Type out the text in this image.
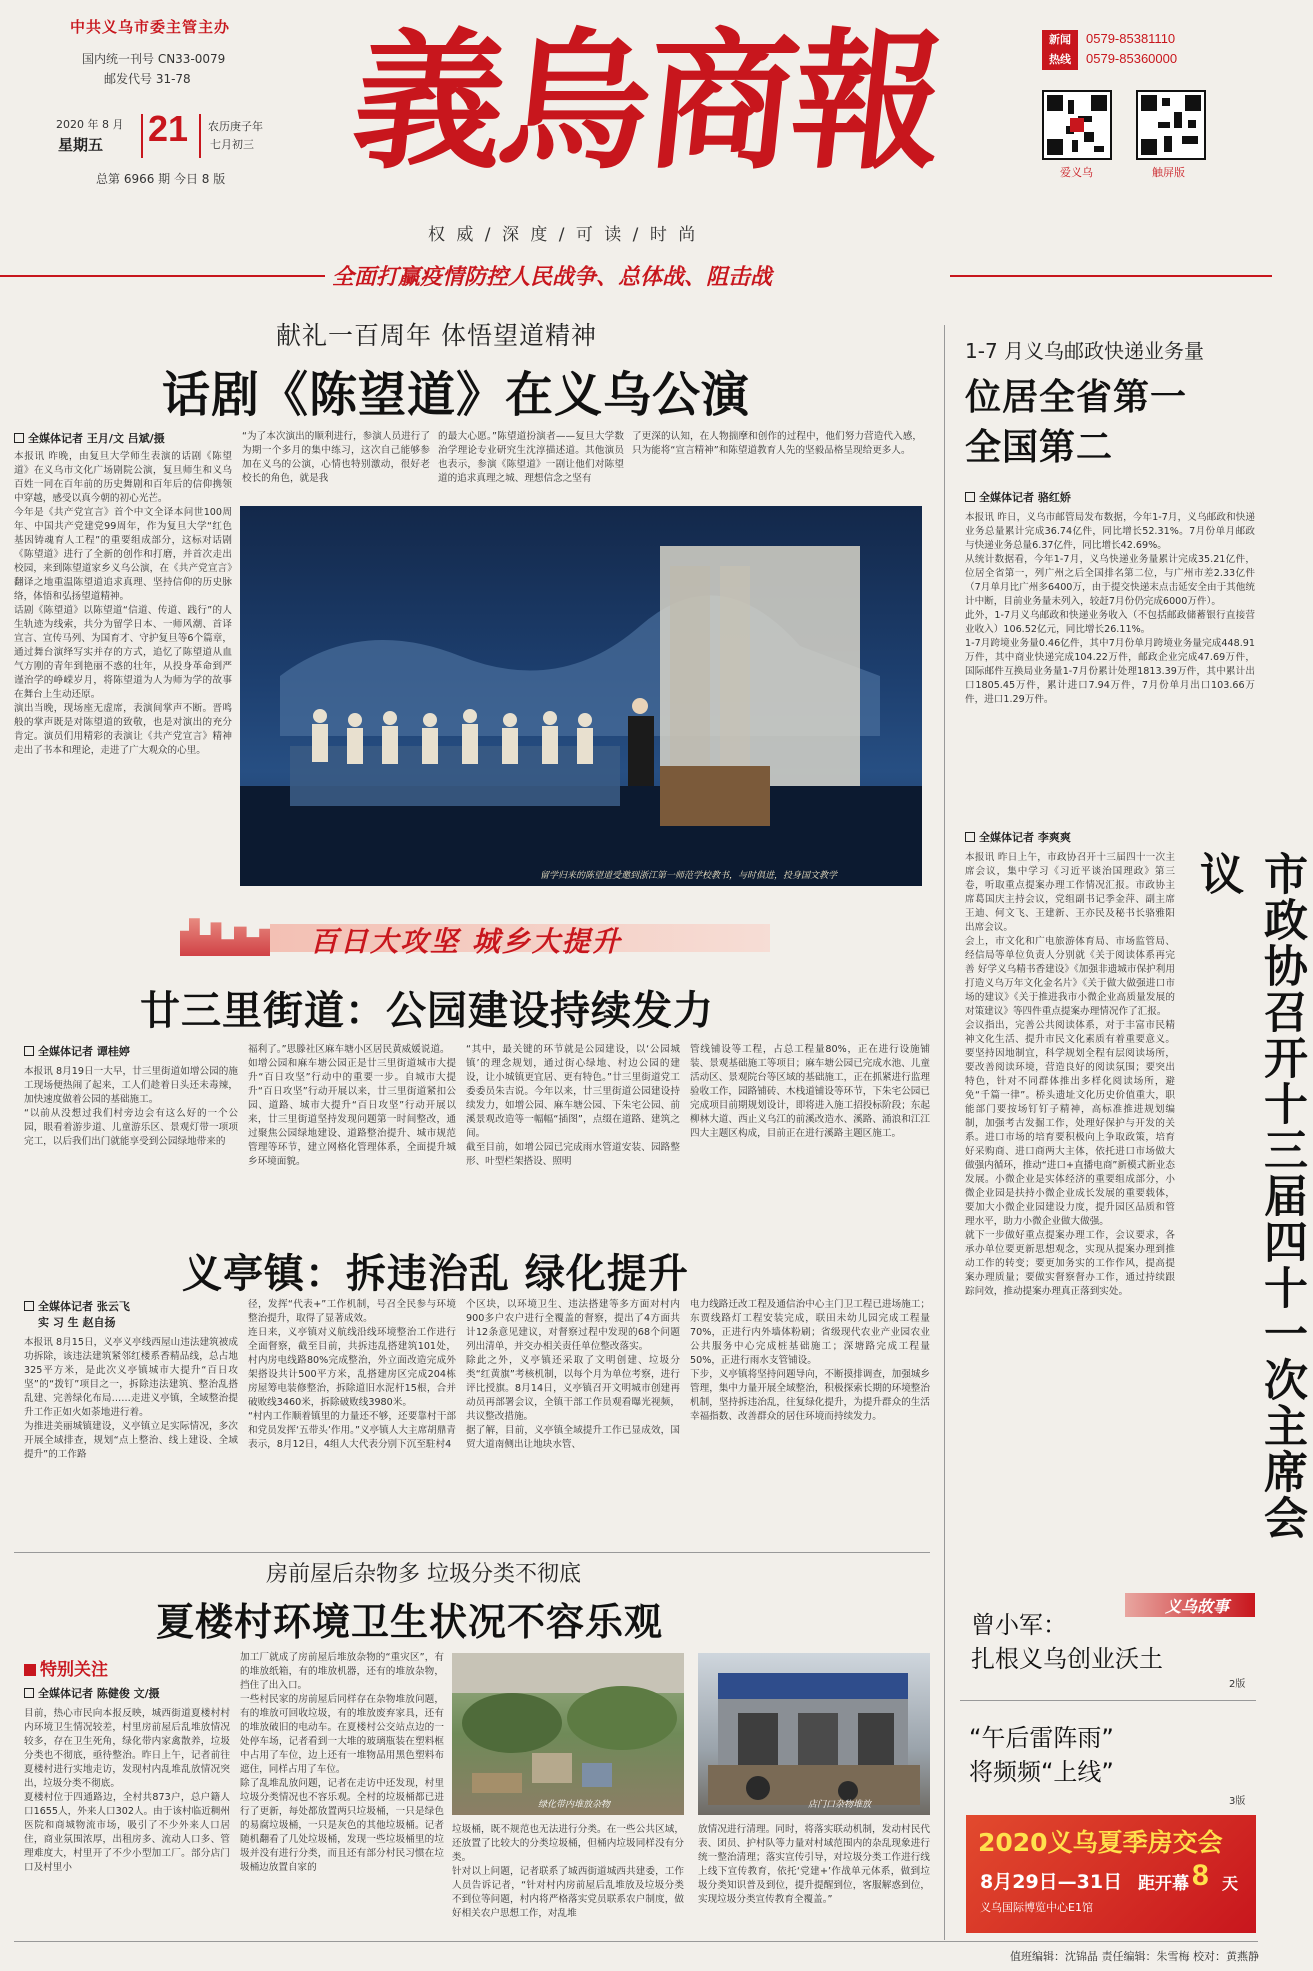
中共义乌市委主管主办
国内统一刊号 CN33-0079
邮发代号 31-78
2020 年 8 月
星期五 21 农历庚子年
七月初三
总第 6966 期 今日 8 版 義烏商報
权 威 / 深 度 / 可 读 / 时 尚
新闻
热线
0579-85381110
0579-85360000
爱义乌	触屏版
全面打赢疫情防控人民战争、总体战、阻击战
献礼一百周年 体悟望道精神
话剧《陈望道》在义乌公演
全媒体记者 王月/文 吕斌/摄
本报讯 昨晚，由复旦大学师生表演的话剧《陈望道》在义乌市文化广场剧院公演，复旦师生和义乌百姓一同在百年前的历史舞剧和百年后的信仰携领中穿越，感受以真今朝的初心光芒。
今年是《共产党宣言》首个中文全译本问世100周年、中国共产党建党99周年，作为复旦大学“红色基因铸魂育人工程”的重要组成部分，这标对话剧《陈望道》进行了全新的创作和打磨，并首次走出校园，来到陈望道家乡义乌公演，在《共产党宣言》翻译之地重温陈望道追求真理、坚持信仰的历史脉络，体悟和弘扬望道精神。
话剧《陈望道》以陈望道“信道、传道、践行”的人生轨迹为线索，共分为留学日本、一师风潮、首译宣言、宣传马列、为国育才、守护复旦等6个篇章，通过舞台演绎写实并存的方式，追忆了陈望道从血气方刚的青年到艳丽不惑的壮年，从投身革命到严谨治学的峥嵘岁月，将陈望道为人为师为学的故事在舞台上生动还原。
演出当晚，现场座无虚席，表演间掌声不断。晋鸣般的掌声既是对陈望道的致敬，也是对演出的充分肯定。演员们用精彩的表演让《共产党宣言》精神走出了书本和理论，走进了广大观众的心里。
“为了本次演出的顺利进行，参演人员进行了为期一个多月的集中练习，这次自己能够参加在义乌的公演，心情也特别激动，很好老校长的角色，就是我
的最大心愿。”陈望道扮演者——复旦大学数治学理论专业研究生沈淳描述道。其他演员也表示，参演《陈望道》一剧让他们对陈望道的追求真理之城、理想信念之坚有
了更深的认知，在人物揣摩和创作的过程中，他们努力营造代入感，只为能将“宣言精神”和陈望道教育人先的坚毅品格呈现给更多人。
留学归来的陈望道受邀到浙江第一师范学校教书，与时俱进，投身国文教学
1-7 月义乌邮政快递业务量
位居全省第一
全国第二
全媒体记者 骆红娇
本报讯 昨日，义乌市邮管局发布数据，今年1-7月，义乌邮政和快递业务总量累计完成36.74亿件，同比增长52.31%。7月份单月邮政与快递业务总量6.37亿件，同比增长42.69%。
从统计数据看，今年1-7月，义乌快递业务量累计完成35.21亿件，位居全省第一，列广州之后全国排名第二位，与广州市差2.33亿件（7月单月比广州多6400万，由于提交快递末点击延安全由于其他统计中断，目前业务量未列入，较赶7月份仍完成6000万件）。
此外，1-7月义乌邮政和快递业务收入（不包括邮政储蓄银行直接营业收入）106.52亿元，同比增长26.11%。
1-7月跨境业务量0.46亿件，其中7月份单月跨境业务量完成448.91万件，其中商业快递完成104.22万件，邮政企业完成47.69万件，国际邮件互换局业务量1-7月份累计处理1813.39万件，其中累计出口1805.45万件，累计进口7.94万件，7月份单月出口103.66万件，进口1.29万件。
全媒体记者 李爽爽
本报讯 昨日上午，市政协召开十三届四十一次主席会议，集中学习《习近平谈治国理政》第三卷，听取重点提案办理工作情况汇报。市政协主席葛国庆主持会议，党组副书记季金萍、副主席王迪、何文飞、王建新、王亦民及秘书长骆雅阳出席会议。
会上，市文化和广电旅游体育局、市场监管局、经信局等单位负责人分别就《关于阅读体系再完善 好学义乌精书香建设》《加强非遗城市保护利用 打造义乌万年文化金名片》《关于做大做强进口市场的建议》《关于推进我市小微企业高质量发展的对策建议》等四件重点提案办理情况作了汇报。
会议指出，完善公共阅读体系，对于丰富市民精神文化生活、提升市民文化素质有着重要意义。要坚持因地制宜，科学规划全程有层阅读场所，要改善阅读环境，营造良好的阅读氛围；要突出特色，针对不同群体推出多样化阅读场所，避免“千篇一律”。桥头遗址文化历史价值重大，职能部门要按场钉钉子精神，高标准推进规划编制，加强考古发掘工作，处理好保护与开发的关系。进口市场的培育要积极向上争取政策，培育好采购商、进口商两大主体，依托进口市场做大做强内循环，推动“进口+直播电商”新模式新业态发展。小微企业是实体经济的重要组成部分，小微企业园是扶持小微企业成长发展的重要载体，要加大小微企业园建设力度，提升园区品质和管理水平，助力小微企业做大做强。
就下一步做好重点提案办理工作，会议要求，各承办单位要更新思想观念，实现从提案办理到推动工作的转变；要更加务实的工作作风，提高提案办理质量；要做实督察督办工作，通过持续跟踪问效，推动提案办理真正落到实处。	市政协召开十三届四十一次主席会议
百日大攻坚 城乡大提升
廿三里街道：公园建设持续发力
全媒体记者 谭桂婷
本报讯 8月19日一大早，廿三里街道如增公园的施工现场便热闹了起来，工人们趁着日头还未毒辣，加快速度做着公园的基础施工。
“以前从没想过我们村旁边会有这么好的一个公园，眼看着游步道、儿童游乐区、景观灯带一项项完工，以后我们出门就能享受到公园绿地带来的
福利了。”思滕社区麻车塘小区居民黄威媛说道。
如增公园和麻车塘公园正是廿三里街道城市大提升“百日攻坚”行动中的重要一步。自城市大提升“百日攻坚”行动开展以来，廿三里街道紧扣公园、道路、城市大提升“百日攻坚”行动开展以来，廿三里街道坚持发现问题第一时间整改，通过聚焦公园绿地建设、道路整治提升、城市规范管理等环节，建立网格化管理体系，全面提升城乡环境面貌。
“其中，最关键的环节就是公园建设，以‘公园城镇’的理念规划，通过街心绿地、村边公园的建设，让小城镇更宜居、更有特色。”廿三里街道党工委委员朱吉说。今年以来，廿三里街道公园建设持续发力，如增公园、麻车塘公园、下朱宅公园、前溪景观改造等一幅幅“插图”，点缀在道路、建筑之间。
截至目前，如增公园已完成雨水管道安装、园路整形、叶型栏架搭设、照明
管线铺设等工程，占总工程量80%，正在进行设施铺装、景观基础施工等项目；麻车塘公园已完成水池、儿童活动区、景观院台等区域的基础施工，正在抓紧进行监理验收工作，园路铺砖、木栈道铺设等环节，下朱宅公园已完成项目前期规划设计，即将进入施工招投标阶段；东起柳林大道、西止义乌江的前溪改造水、溪路、涌浪和江江四大主题区构成，目前正在进行溪路主题区施工。
义亭镇：拆违治乱 绿化提升
全媒体记者 张云飞
实 习 生 赵自扬
本报讯 8月15日，义亭义亭线西屋山违法建筑被成功拆除，该违法建筑紧邻红楼系香精品线，总占地325平方米，是此次义亭镇城市大提升“百日攻坚”的“拨钉”项目之一，拆除违法建筑、整治乱搭乱建、完善绿化布局……走进义亭镇，全域整治提升工作正如火如荼地进行着。
为推进美丽城镇建设，义亭镇立足实际情况，多次开展全域排查，规划“点上整治、线上建设、全域提升”的工作路
径，发挥“代表+”工作机制，号召全民参与环境整治提升，取得了显著成效。
连日来，义亭镇对义航线沿线环境整治工作进行全面督察，截至目前，共拆违乱搭建筑101处，村内房电线路80%完成整治，外立面改造完成外架搭设共计500平方米，乱搭建房区完成204栋房屋筹电装修整治，拆除道旧水泥杆15根，合并破败线3460米，拆除破败线3980米。
“村内工作顺着镇里的力量还不够，还要靠村干部和党员发挥‘五带头’作用。”义亭镇人大主席胡鼎青表示，8月12日，4组人大代表分别下沉至駐村4
个区块，以环境卫生、违法搭建等多方面对村内900多户农户进行全覆盖的督察，提出了4方面共计12条意见建议，对督察过程中发现的68个问题列出清单，并交办相关责任单位整改落实。
除此之外，义亭镇还采取了文明创建、垃圾分类“红黄旗”考核机制，以每个月为单位考察，进行评比授旗。8月14日，义亭镇召开文明城市创建再动员再部署会议，全镇干部工作员观看曝光视频，共议整改措施。
据了解，目前，义亭镇全域提升工作已显成效，国贸大道南侧出让地块水管、
电力线路迁改工程及通信治中心主门卫工程已进场施工；东贾线路灯工程安装完成，联田未幼儿园完成工程量70%，正进行内外墙体粉刷；省级现代农业产业园农业公共服务中心完成桩基础施工；深塘路完成工程量50%，正进行雨水支管铺设。
下步，义亭镇将坚持问题导向，不断摸排调查，加强城乡管理，集中力量开展全域整治，积极探索长期的环境整治机制，坚持拆违治乱，往复绿化提升，为提升群众的生活幸福指数、改善群众的居住环境而持续发力。
房前屋后杂物多 垃圾分类不彻底
夏楼村环境卫生状况不容乐观
特别关注
全媒体记者 陈健俊 文/摄
目前，热心市民向本报反映，城西街道夏楼村村内环境卫生情况较差，村里房前屋后乱堆放情况较多，存在卫生死角，绿化带内家禽散养，垃圾分类也不彻底，亟待整治。昨日上午，记者前往夏楼村进行实地走访，发现村内乱堆乱放情况突出，垃圾分类不彻底。
夏楼村位于四通路边，全村共873户，总户籍人口1655人，外来人口302人。由于该村临近稠州医院和商城物流市场，吸引了不少外来人口居住，商业氛围浓厚，出租房多、流动人口多、管理难度大，村里开了不少小型加工厂。部分店门口及村里小
加工厂就成了房前屋后堆放杂物的“重灾区”，有的堆放纸箱，有的堆放机器，还有的堆放杂物，挡住了出入口。
一些村民家的房前屋后同样存在杂物堆放问题，有的堆放可回收垃圾，有的堆放废弃家具，还有的堆放破旧的电动车。在夏楼村公交站点边的一处停车场，记者看到一大堆的玻璃瓶装在塑料框中占用了车位，边上还有一堆物品用黑色塑料布遮住，同样占用了车位。
除了乱堆乱放问题，记者在走访中还发现，村里垃圾分类情况也不容乐观。全村的垃圾桶都已进行了更新，每处都放置两只垃圾桶，一只是绿色的易腐垃圾桶，一只是灰色的其他垃圾桶。记者随机翻看了几处垃圾桶，发现一些垃圾桶里的垃圾并没有进行分类，而且还有部分村民习惯在垃圾桶边放置自家的
绿化带内堆放杂物	店门口杂物堆放
垃圾桶，既不规范也无法进行分类。在一些公共区域，还放置了比较大的分类垃圾桶，但桶内垃圾同样没有分类。
针对以上问题，记者联系了城西街道城西共建委，工作人员告诉记者，“针对村内房前屋后乱堆放及垃圾分类不到位等问题，村内将严格落实党员联系农户制度，做好相关农户思想工作，对乱堆
放情况进行清理。同时，将落实联动机制，发动村民代表、团员、护村队等力量对村域范围内的杂乱现象进行统一整治清理；落实宣传引导，对垃圾分类工作进行线上线下宣传教育，依托‘党建+’作战单元体系，做到垃圾分类知识普及到位，提升提醒到位，客服解惑到位，实现垃圾分类宣传教育全覆盖。”
义乌故事
曾小军：
扎根义乌创业沃土
2版
“午后雷阵雨”
将频频“上线”
3版
2020义乌夏季房交会
8月29日—31日
义乌国际博览中心E1馆
距开幕 8 天
值班编辑：沈锦晶 责任编辑：朱雪梅 校对：黄燕静
